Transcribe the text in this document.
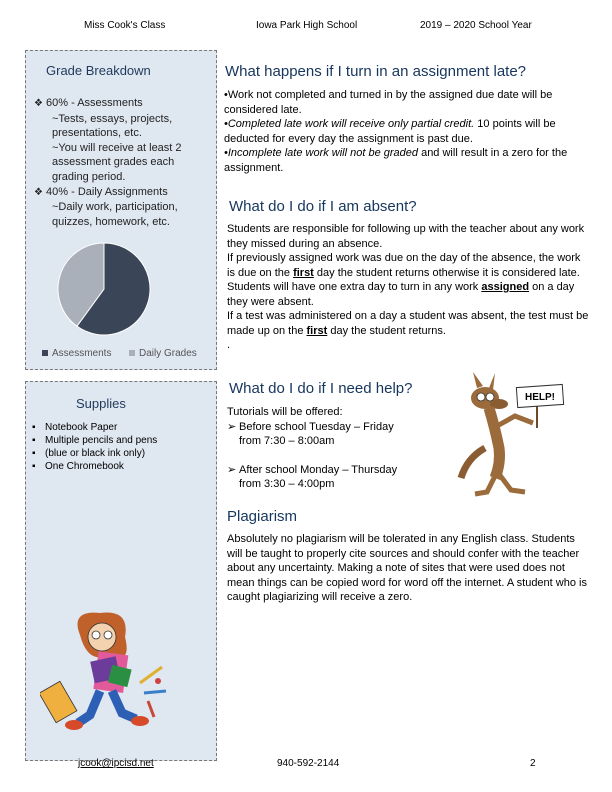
Miss Cook's Class	Iowa Park High School	2019 – 2020 School Year
Grade Breakdown
❖ 60% - Assessments
~Tests, essays, projects,
presentations, etc.
~You will receive at least 2
assessment grades each
grading period.
❖ 40% - Daily Assignments
~Daily work, participation,
quizzes, homework, etc.
Assessments	Daily Grades
Supplies
▪ Notebook Paper
▪ Multiple pencils and pens
▪ (blue or black ink only)
▪ One Chromebook
What happens if I turn in an assignment late?
•Work not completed and turned in by the assigned due date will be considered late.
•Completed late work will receive only partial credit. 10 points will be deducted for every day the assignment is past due.
•Incomplete late work will not be graded and will result in a zero for the assignment.
What do I do if I am absent?
Students are responsible for following up with the teacher about any work they missed during an absence.
If previously assigned work was due on the day of the absence, the work is due on the first day the student returns otherwise it is considered late.
Students will have one extra day to turn in any work assigned on a day they were absent.
If a test was administered on a day a student was absent, the test must be made up on the first day the student returns.
.
What do I do if I need help?
Tutorials will be offered:
➢ Before school Tuesday – Friday
from 7:30 – 8:00am
➢ After school Monday – Thursday
from 3:30 – 4:00pm
HELP!
Plagiarism
Absolutely no plagiarism will be tolerated in any English class. Students will be taught to properly cite sources and should confer with the teacher about any uncertainty. Making a note of sites that were used does not mean things can be copied word for word off the internet. A student who is caught plagiarizing will receive a zero.
jcook@ipcisd.net	940-592-2144	2
